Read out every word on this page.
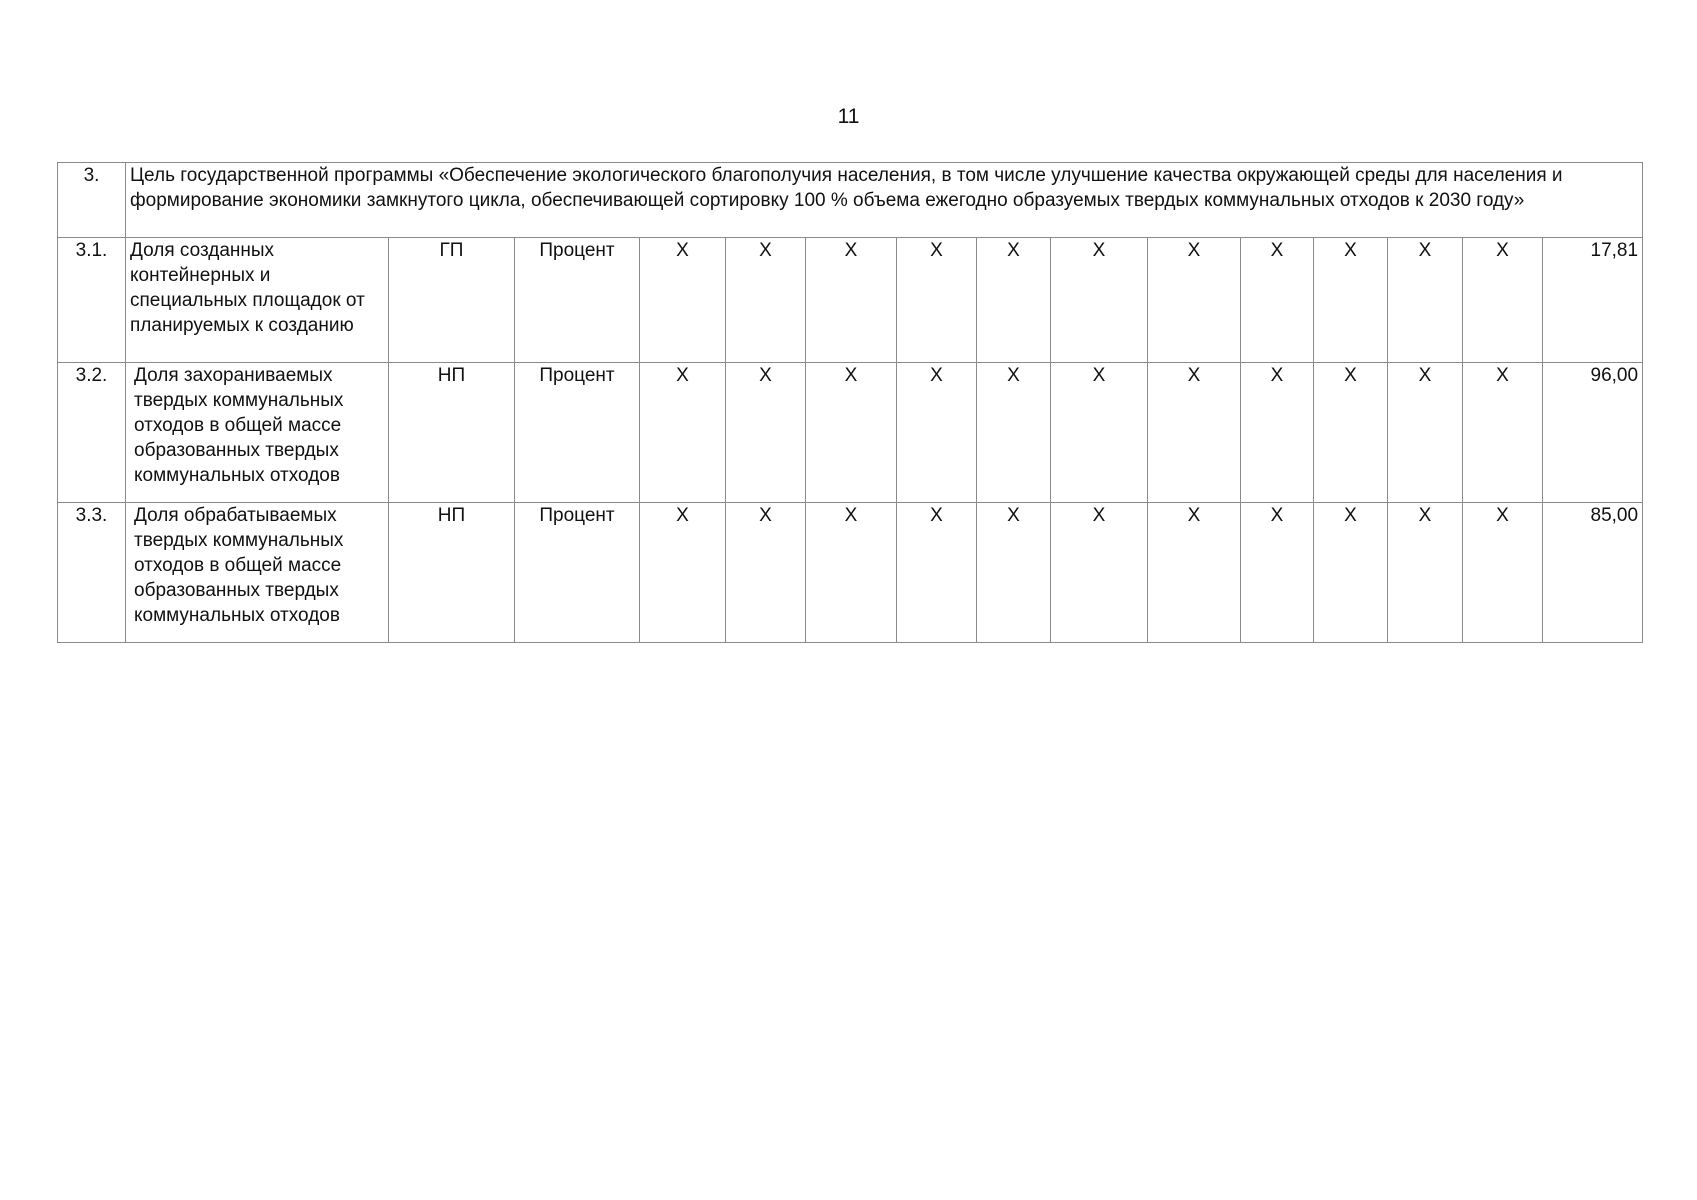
11
3.	Цель государственной программы «Обеспечение экологического благополучия населения, в том числе улучшение качества окружающей среды для населения и формирование экономики замкнутого цикла, обеспечивающей сортировку 100 % объема ежегодно образуемых твердых коммунальных отходов к 2030 году»														
3.1.	Доля созданных контейнерных и специальных площадок от планируемых к созданию	ГП	Процент	X	X	X	X	X	X	X	X	X	X	X	17,81
3.2.	Доля захораниваемых твердых коммунальных отходов в общей массе образованных твердых коммунальных отходов	НП	Процент	X	X	X	X	X	X	X	X	X	X	X	96,00
3.3.	Доля обрабатываемых твердых коммунальных отходов в общей массе образованных твердых коммунальных отходов	НП	Процент	X	X	X	X	X	X	X	X	X	X	X	85,00
